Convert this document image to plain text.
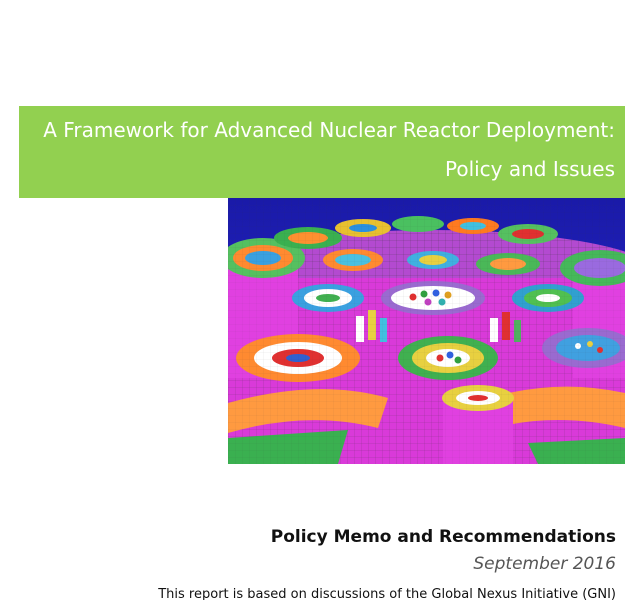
A Framework for Advanced Nuclear Reactor Deployment:
Policy and Issues
Policy Memo and Recommendations
September 2016
This report is based on discussions of the Global Nexus Initiative (GNI)
